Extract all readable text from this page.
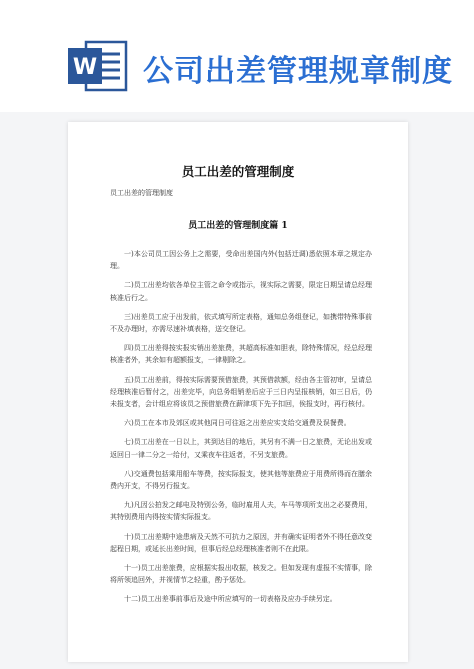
W 公司出差管理规章制度
员工出差的管理制度
员工出差的管理制度
员工出差的管理制度篇 1

一)本公司员工因公务上之需要，受命出差国内外(包括迁调)悉依照本章之规定办理。

二)员工出差均依各单位主管之命令或指示，视实际之需要，限定日期呈请总经理核准后行之。

三)出差员工应于出发前，依式填写所定表格，通知总务组登记，如携带特殊事前不及办理时，亦需尽速补填表格，送交登记。

四)员工出差得按实报实销出差旅费，其超高标准如胆表，除特殊情况，经总经理核准者外，其余如有超额报支，一律剔除之。

五)员工出差前，得按实际需要预借旅费，其预借款额，经由各主管初审，呈请总经理核准后暂付之，出差完毕，向总务组销差后应于三日内呈报核销，如三日后，仍未报支者，会计组应将该员之预借旅费在薪津项下先予扣回，俟报支时，再行核付。

六)员工在本市及郊区或其他同日可往返之出差应实支给交通费及误餐费。

七)员工出差在一日以上，其到达目的地后，其另有不满一日之旅费，无论出发或返回日一律二分之一给付，又乘夜车往返者，不另支旅费。

八)交通费包括乘用船车等费，按实际报支，使其他等旅费应于用费所得而在膳余费内开支，不得另行报支。

九)凡因公拍发之邮电及特别公务，临时雇用人夫，车马等项所支出之必要费用，其特别费用内得按实情实际报支。

十)员工出差期中途患病及天然不可抗力之原因，并有确实证明者外不得任意改变起程日期，或延长出差时间，但事后经总经理核准者则不在此限。

十一)员工出差旅费，应根据实报出收据，核发之。但如发现有虚报不实情事，除将所领追回外，并视情节之轻重，酌予惩处。

十二)员工出差事前事后及途中所应填写的一切表格及应办手续另定。
